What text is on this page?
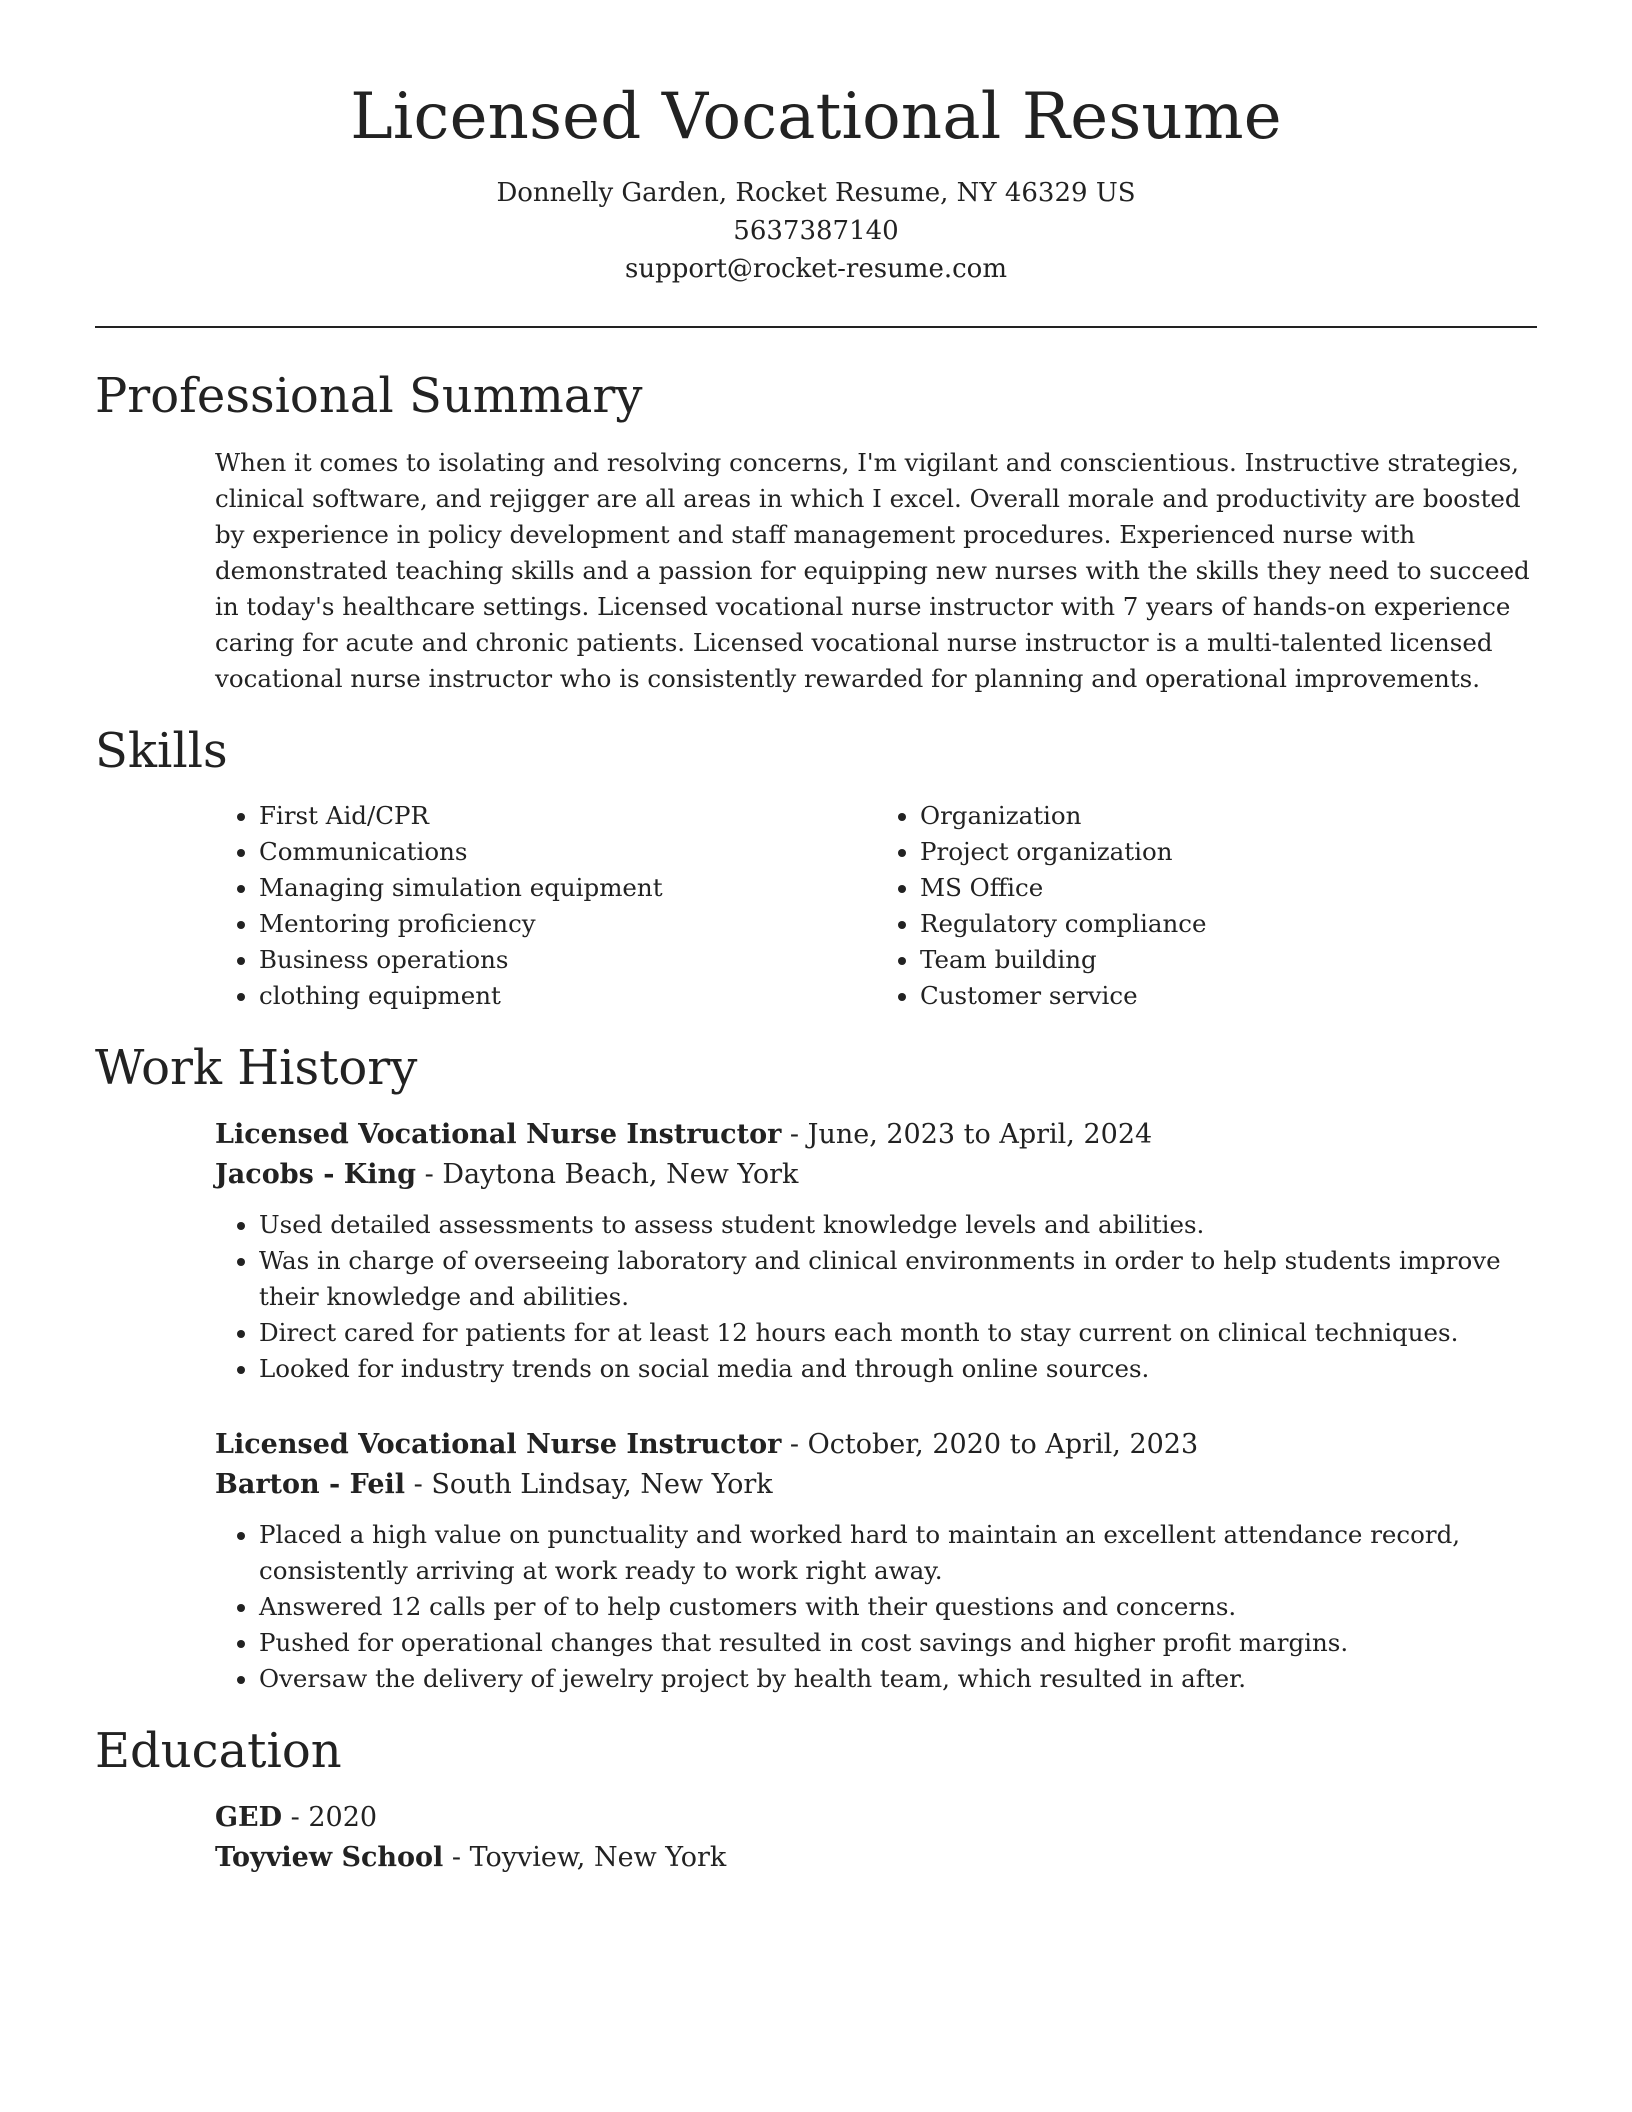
Licensed Vocational Resume
Donnelly Garden, Rocket Resume, NY 46329 US
5637387140
support@rocket-resume.com
Professional Summary

When it comes to isolating and resolving concerns, I'm vigilant and conscientious. Instructive strategies, clinical software, and rejigger are all areas in which I excel. Overall morale and productivity are boosted by experience in policy development and staff management procedures. Experienced nurse with demonstrated teaching skills and a passion for equipping new nurses with the skills they need to succeed in today's healthcare settings. Licensed vocational nurse instructor with 7 years of hands-on experience caring for acute and chronic patients. Licensed vocational nurse instructor is a multi-talented licensed vocational nurse instructor who is consistently rewarded for planning and operational improvements.

Skills
• First Aid/CPR
• Communications
• Managing simulation equipment
• Mentoring proficiency
• Business operations
• clothing equipment
• Organization
• Project organization
• MS Office
• Regulatory compliance
• Team building
• Customer service
Work History
Licensed Vocational Nurse Instructor - June, 2023 to April, 2024
Jacobs - King - Daytona Beach, New York
• Used detailed assessments to assess student knowledge levels and abilities.
• Was in charge of overseeing laboratory and clinical environments in order to help students improve their knowledge and abilities.
• Direct cared for patients for at least 12 hours each month to stay current on clinical techniques.
• Looked for industry trends on social media and through online sources.
Licensed Vocational Nurse Instructor - October, 2020 to April, 2023
Barton - Feil - South Lindsay, New York
• Placed a high value on punctuality and worked hard to maintain an excellent attendance record, consistently arriving at work ready to work right away.
• Answered 12 calls per of to help customers with their questions and concerns.
• Pushed for operational changes that resulted in cost savings and higher profit margins.
• Oversaw the delivery of jewelry project by health team, which resulted in after.
Education
GED - 2020
Toyview School - Toyview, New York
